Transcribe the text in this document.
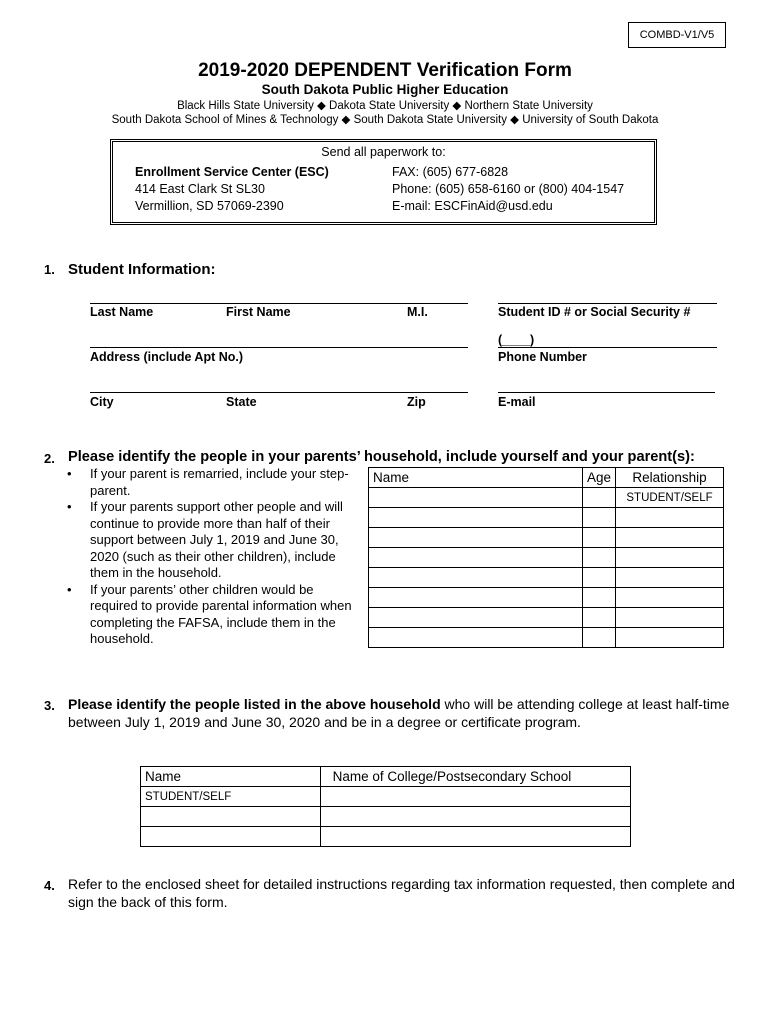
COMBD-V1/V5
2019-2020 DEPENDENT Verification Form
South Dakota Public Higher Education
Black Hills State University ◆ Dakota State University ◆ Northern State University
South Dakota School of Mines & Technology ◆ South Dakota State University ◆ University of South Dakota
Send all paperwork to:
Enrollment Service Center (ESC)
414 East Clark St SL30
Vermillion, SD 57069-2390
FAX: (605) 677-6828
Phone: (605) 658-6160 or (800) 404-1547
E-mail: ESCFinAid@usd.edu
1. Student Information:
Last Name	First Name	M.I.	Student ID # or Social Security #
(____)
Address (include Apt No.)	Phone Number
City	State	Zip	E-mail
2. Please identify the people in your parents’ household, include yourself and your parent(s):
• If your parent is remarried, include your step-parent.
• If your parents support other people and will continue to provide more than half of their support between July 1, 2019 and June 30, 2020 (such as their other children), include them in the household.
• If your parents’ other children would be required to provide parental information when completing the FAFSA, include them in the household.
Name	Age	Relationship
		STUDENT/SELF

3. Please identify the people listed in the above household who will be attending college at least half-time between July 1, 2019 and June 30, 2020 and be in a degree or certificate program.
Name	Name of College/Postsecondary School
STUDENT/SELF	

4. Refer to the enclosed sheet for detailed instructions regarding tax information requested, then complete and sign the back of this form.
